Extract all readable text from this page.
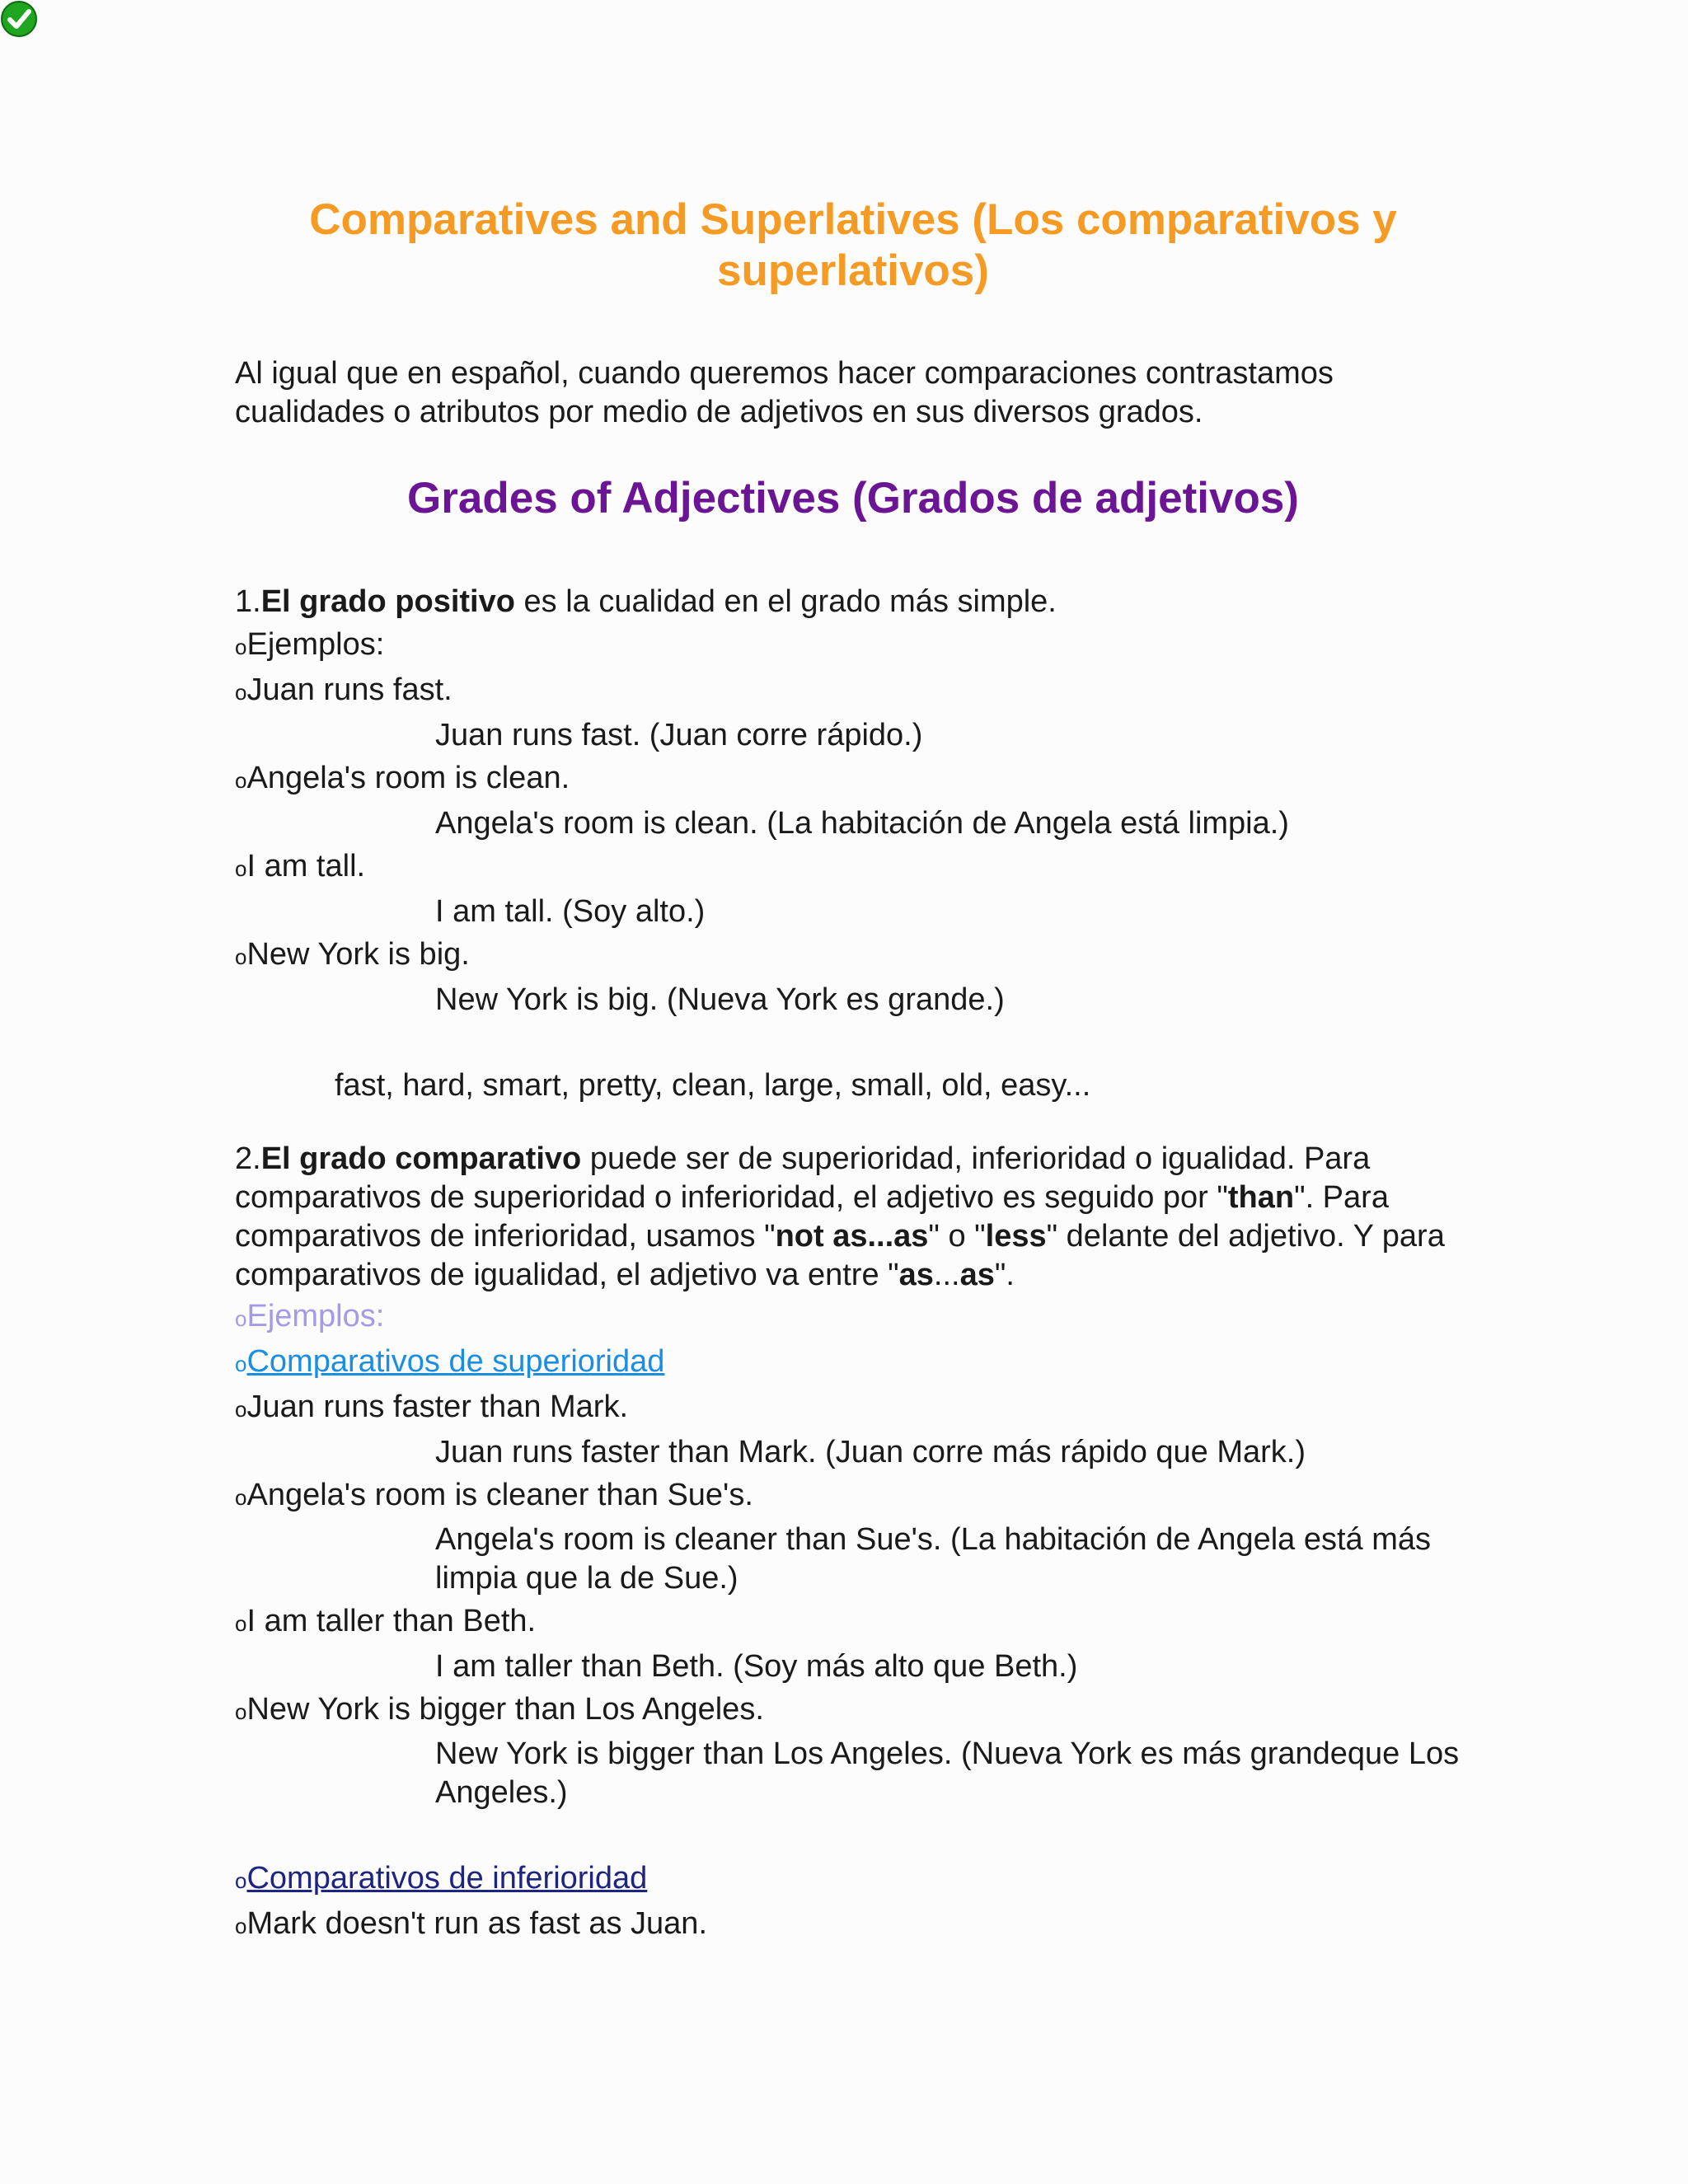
Comparatives and Superlatives (Los comparativos y superlativos)

Al igual que en español, cuando queremos hacer comparaciones contrastamos cualidades o atributos por medio de adjetivos en sus diversos grados.

Grades of Adjectives (Grados de adjetivos)

1.El grado positivo es la cualidad en el grado más simple.

oEjemplos:

oJuan runs fast.

Juan runs fast. (Juan corre rápido.)

oAngela's room is clean.

Angela's room is clean. (La habitación de Angela está limpia.)

oI am tall.

I am tall. (Soy alto.)

oNew York is big.

New York is big. (Nueva York es grande.)

fast, hard, smart, pretty, clean, large, small, old, easy...

2.El grado comparativo puede ser de superioridad, inferioridad o igualidad. Para comparativos de superioridad o inferioridad, el adjetivo es seguido por "than". Para comparativos de inferioridad, usamos "not as...as" o "less" delante del adjetivo. Y para comparativos de igualidad, el adjetivo va entre "as...as".

oEjemplos:

oComparativos de superioridad

oJuan runs faster than Mark.

Juan runs faster than Mark. (Juan corre más rápido que Mark.)

oAngela's room is cleaner than Sue's.

Angela's room is cleaner than Sue's. (La habitación de Angela está más limpia que la de Sue.)

oI am taller than Beth.

I am taller than Beth. (Soy más alto que Beth.)

oNew York is bigger than Los Angeles.

New York is bigger than Los Angeles. (Nueva York es más grandeque Los Angeles.)

oComparativos de inferioridad

oMark doesn't run as fast as Juan.
